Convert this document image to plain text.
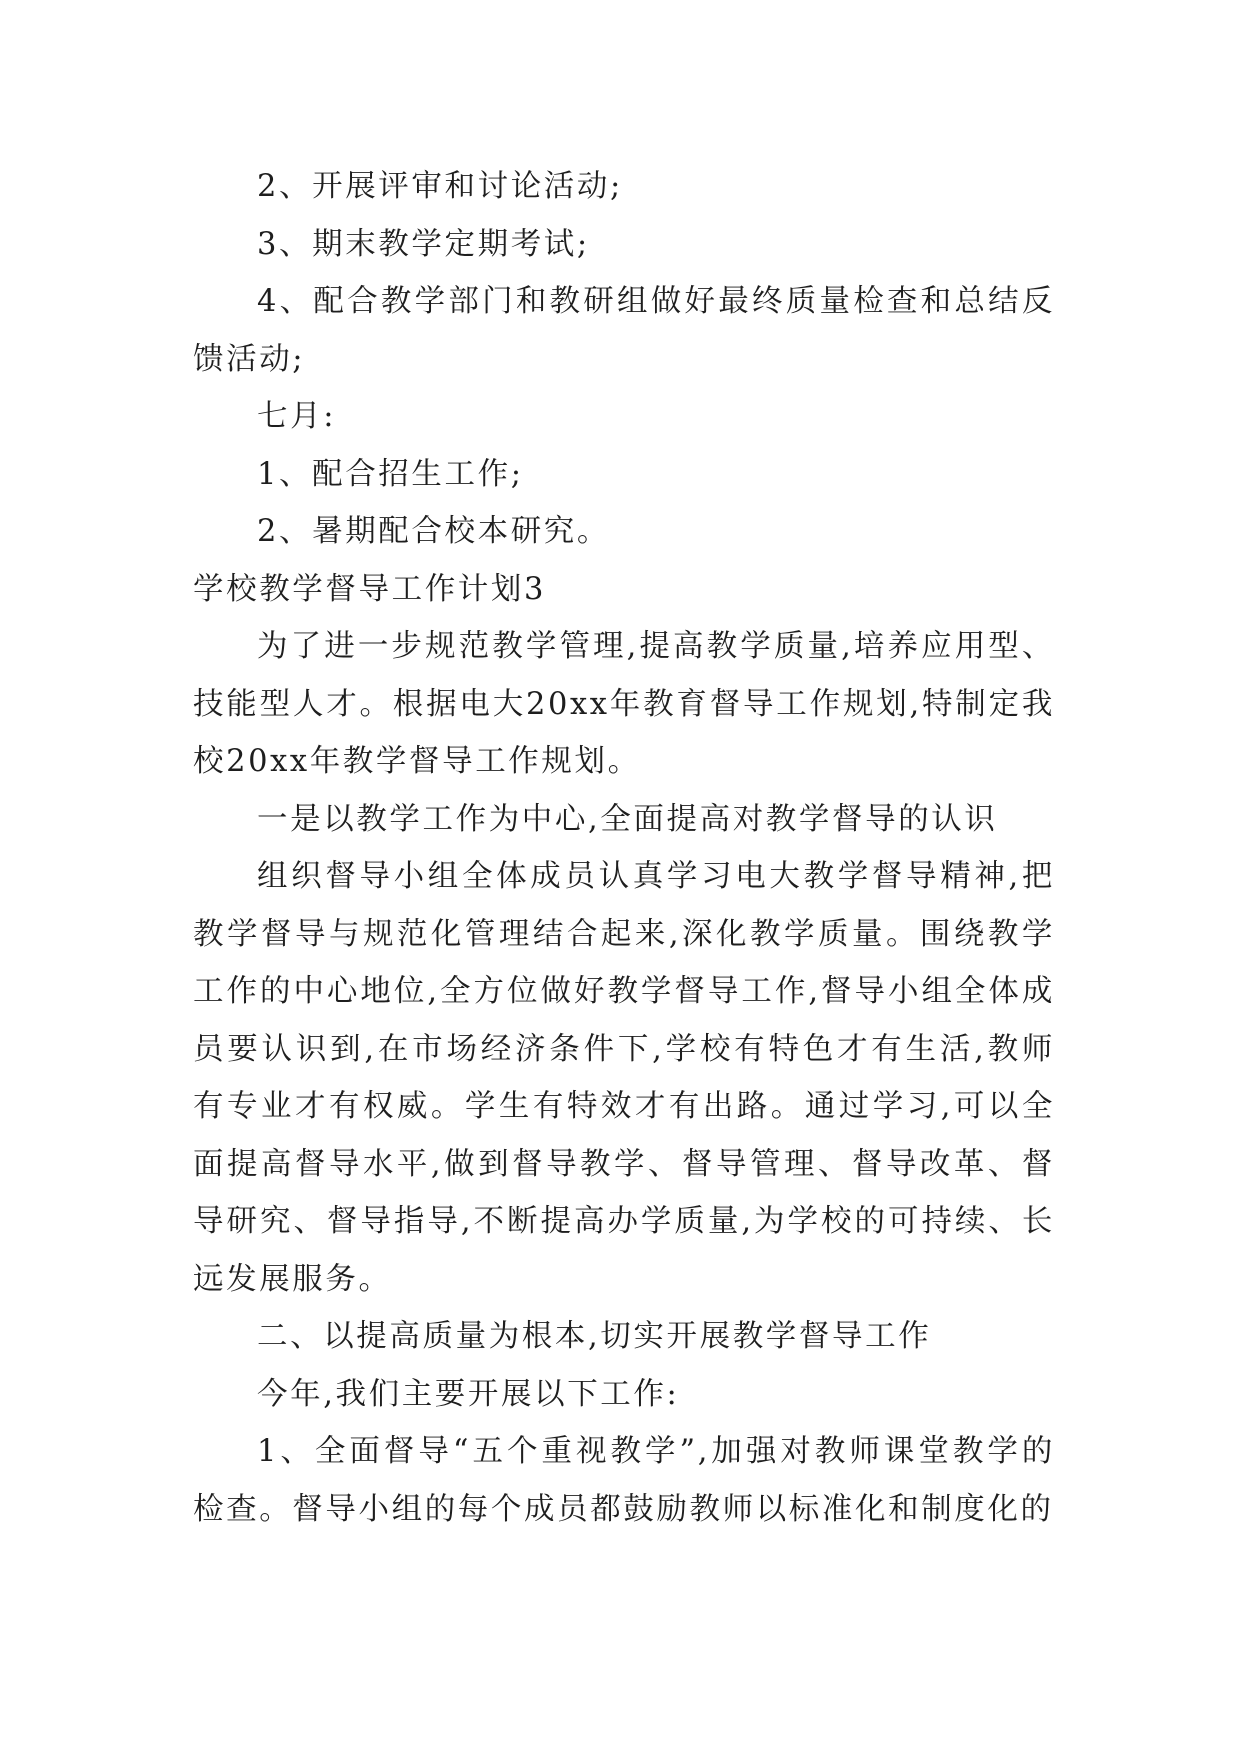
2、开展评审和讨论活动;

3、期末教学定期考试;

4、配合教学部门和教研组做好最终质量检查和总结反馈活动;

七月:

1、配合招生工作;

2、暑期配合校本研究。

学校教学督导工作计划3

为了进一步规范教学管理,提高教学质量,培养应用型、技能型人才。根据电大20xx年教育督导工作规划,特制定我校20xx年教学督导工作规划。

一是以教学工作为中心,全面提高对教学督导的认识

组织督导小组全体成员认真学习电大教学督导精神,把教学督导与规范化管理结合起来,深化教学质量。围绕教学工作的中心地位,全方位做好教学督导工作,督导小组全体成员要认识到,在市场经济条件下,学校有特色才有生活,教师有专业才有权威。学生有特效才有出路。通过学习,可以全面提高督导水平,做到督导教学、督导管理、督导改革、督导研究、督导指导,不断提高办学质量,为学校的可持续、长远发展服务。

二、以提高质量为根本,切实开展教学督导工作

今年,我们主要开展以下工作:

1、全面督导“五个重视教学”,加强对教师课堂教学的检查。督导小组的每个成员都鼓励教师以标准化和制度化的
